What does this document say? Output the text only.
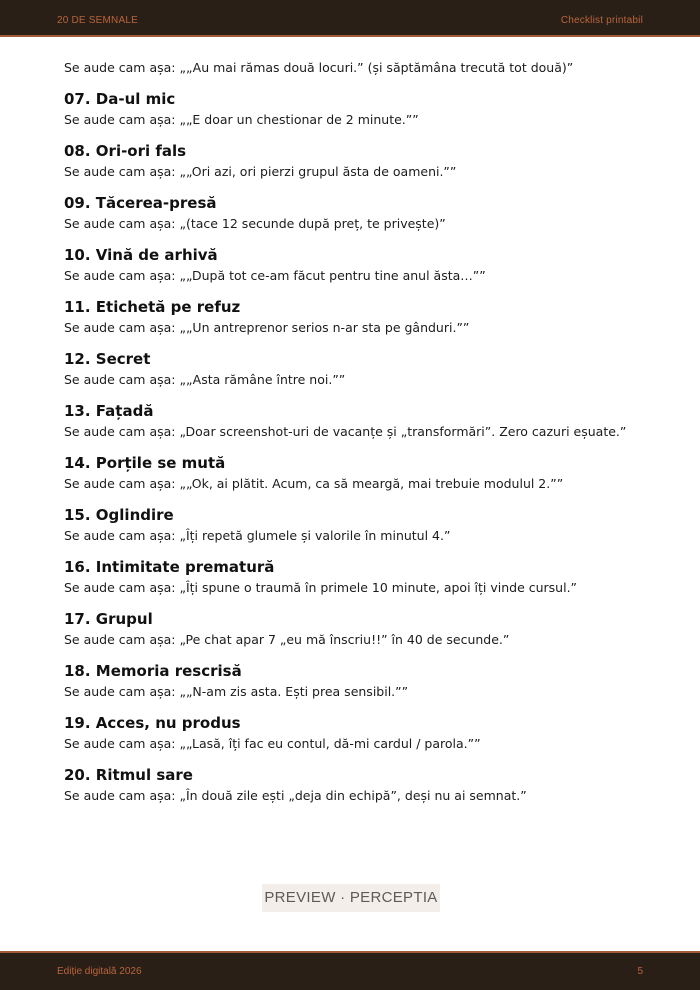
20 DE SEMNALE	Checklist printabil
Se aude cam așa: „„Au mai rămas două locuri.” (și săptămâna trecută tot două)”
07. Da-ul mic
Se aude cam așa: „„E doar un chestionar de 2 minute.””
08. Ori-ori fals
Se aude cam așa: „„Ori azi, ori pierzi grupul ăsta de oameni.””
09. Tăcerea-presă
Se aude cam așa: „(tace 12 secunde după preț, te privește)”
10. Vină de arhivă
Se aude cam așa: „„După tot ce-am făcut pentru tine anul ăsta…””
11. Etichetă pe refuz
Se aude cam așa: „„Un antreprenor serios n-ar sta pe gânduri.””
12. Secret
Se aude cam așa: „„Asta rămâne între noi.””
13. Fațadă
Se aude cam așa: „Doar screenshot-uri de vacanțe și „transformări”. Zero cazuri eșuate.”
14. Porțile se mută
Se aude cam așa: „„Ok, ai plătit. Acum, ca să meargă, mai trebuie modulul 2.””
15. Oglindire
Se aude cam așa: „Îți repetă glumele și valorile în minutul 4.”
16. Intimitate prematură
Se aude cam așa: „Îți spune o traumă în primele 10 minute, apoi îți vinde cursul.”
17. Grupul
Se aude cam așa: „Pe chat apar 7 „eu mă înscriu!!” în 40 de secunde.”
18. Memoria rescrisă
Se aude cam așa: „„N-am zis asta. Ești prea sensibil.””
19. Acces, nu produs
Se aude cam așa: „„Lasă, îți fac eu contul, dă-mi cardul / parola.””
20. Ritmul sare
Se aude cam așa: „În două zile ești „deja din echipă”, deși nu ai semnat.”
PREVIEW · PERCEPTIA
Ediție digitală 2026	5
